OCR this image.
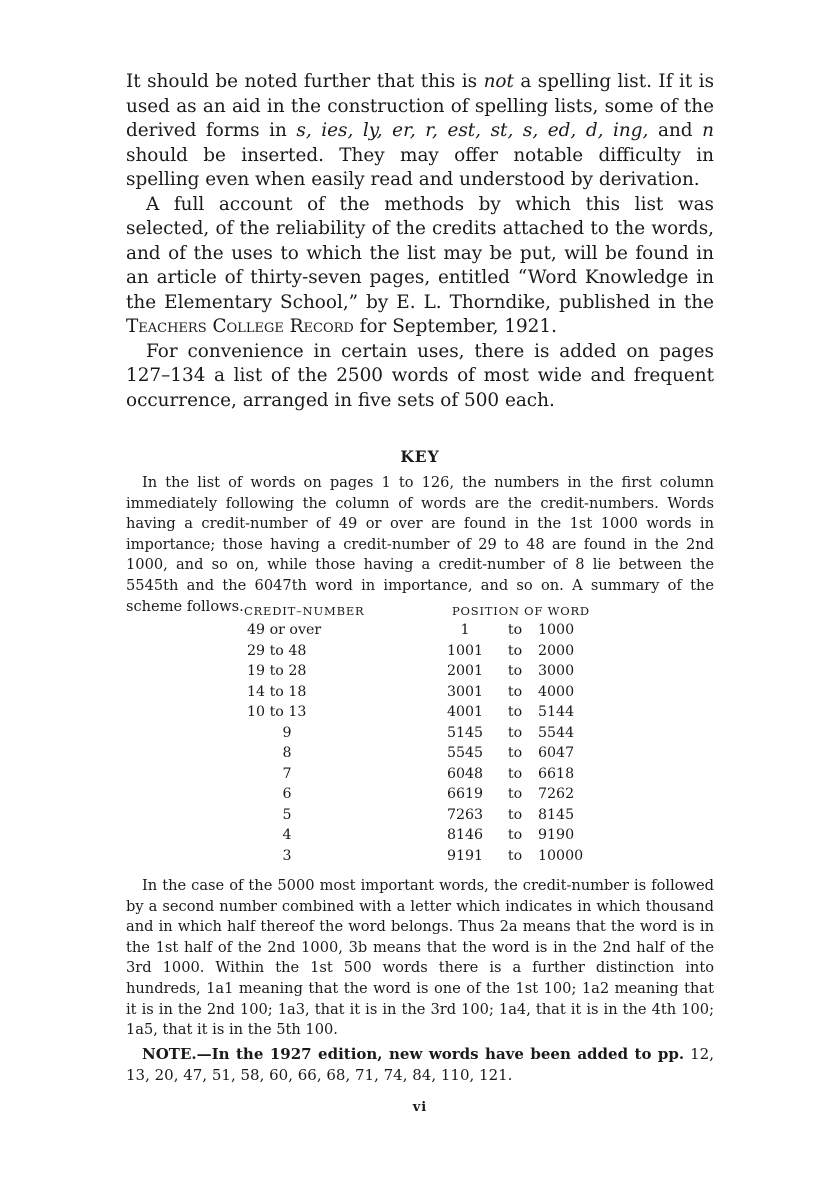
It should be noted further that this is not a spelling list. If it is used as an aid in the construction of spelling lists, some of the derived forms in s, ies, ly, er, r, est, st, s, ed, d, ing, and n should be inserted. They may offer notable difficulty in spelling even when easily read and understood by derivation.

A full account of the methods by which this list was selected, of the reliability of the credits attached to the words, and of the uses to which the list may be put, will be found in an article of thirty-seven pages, entitled “Word Knowledge in the Elementary School,” by E. L. Thorndike, published in the Teachers College Record for September, 1921.

For convenience in certain uses, there is added on pages 127–134 a list of the 2500 words of most wide and frequent occurrence, arranged in five sets of 500 each.

KEY

In the list of words on pages 1 to 126, the numbers in the first column immediately following the column of words are the credit-numbers. Words having a credit-number of 49 or over are found in the 1st 1000 words in importance; those having a credit-number of 29 to 48 are found in the 2nd 1000, and so on, while those having a credit-number of 8 lie between the 5545th and the 6047th word in importance, and so on. A summary of the scheme follows. CREDIT–NUMBER	POSITION OF WORD
49 or over	1	to	1000
29 to 48	1001	to	2000
19 to 28	2001	to	3000
14 to 18	3001	to	4000
10 to 13	4001	to	5144
9	5145	to	5544
8	5545	to	6047
7	6048	to	6618
6	6619	to	7262
5	7263	to	8145
4	8146	to	9190
3	9191	to	10000

In the case of the 5000 most important words, the credit-number is followed by a second number combined with a letter which indicates in which thousand and in which half thereof the word belongs. Thus 2a means that the word is in the 1st half of the 2nd 1000, 3b means that the word is in the 2nd half of the 3rd 1000. Within the 1st 500 words there is a further distinction into hundreds, 1a1 meaning that the word is one of the 1st 100; 1a2 meaning that it is in the 2nd 100; 1a3, that it is in the 3rd 100; 1a4, that it is in the 4th 100; 1a5, that it is in the 5th 100.

NOTE.—In the 1927 edition, new words have been added to pp. 12, 13, 20, 47, 51, 58, 60, 66, 68, 71, 74, 84, 110, 121.

vi
